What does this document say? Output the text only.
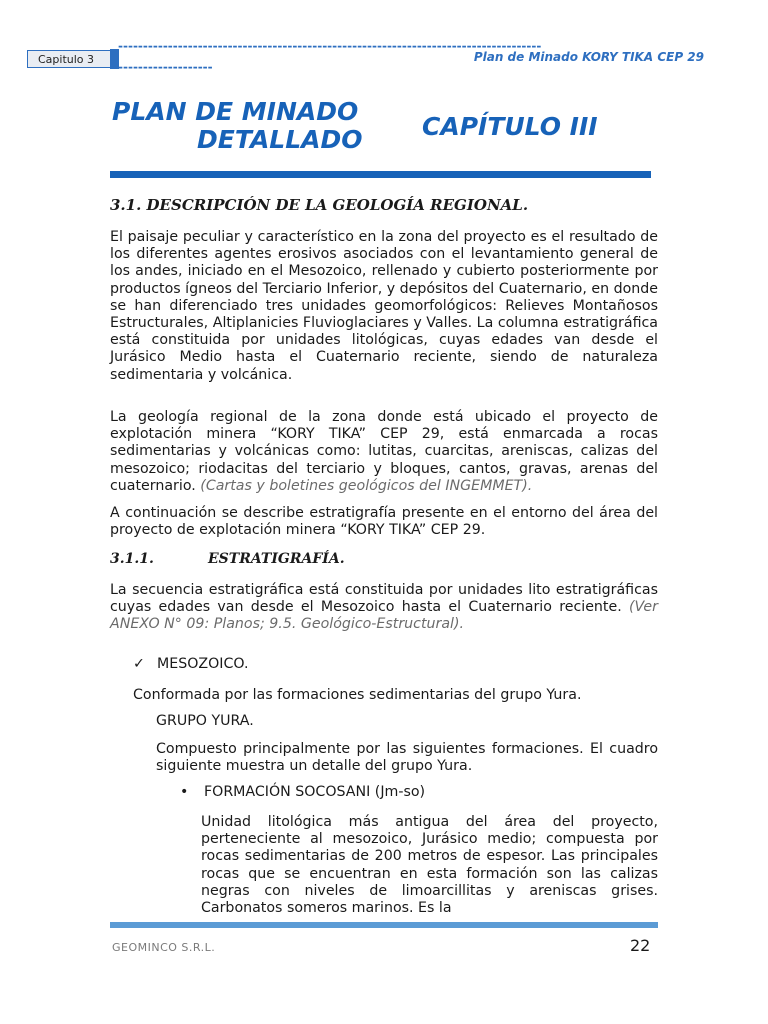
Capitulo 3
-------------------------------------------------------------------------------------
-------------------
Plan de Minado KORY TIKA CEP 29
PLAN DE MINADO
DETALLADO	CAPÍTULO III
3.1. DESCRIPCIÓN DE LA GEOLOGÍA REGIONAL.
El paisaje peculiar y característico en la zona del proyecto es el resultado de los diferentes agentes erosivos asociados con el levantamiento general de los andes, iniciado en el Mesozoico, rellenado y cubierto posteriormente por productos ígneos del Terciario Inferior, y depósitos del Cuaternario, en donde se han diferenciado tres unidades geomorfológicos: Relieves Montañosos Estructurales, Altiplanicies Fluvioglaciares y Valles. La columna estratigráfica está constituida por unidades litológicas, cuyas edades van desde el Jurásico Medio hasta el Cuaternario reciente, siendo de naturaleza sedimentaria y volcánica.
La geología regional de la zona donde está ubicado el proyecto de explotación minera “KORY TIKA” CEP 29, está enmarcada a rocas sedimentarias y volcánicas como: lutitas, cuarcitas, areniscas, calizas del mesozoico; riodacitas del terciario y bloques, cantos, gravas, arenas del cuaternario. (Cartas y boletines geológicos del INGEMMET).
A continuación se describe estratigrafía presente en el entorno del área del proyecto de explotación minera “KORY TIKA” CEP 29.
3.1.1.	ESTRATIGRAFÍA.
La secuencia estratigráfica está constituida por unidades lito estratigráficas cuyas edades van desde el Mesozoico hasta el Cuaternario reciente. (Ver ANEXO N° 09: Planos; 9.5. Geológico-Estructural).
✓ MESOZOICO.
Conformada por las formaciones sedimentarias del grupo Yura.
GRUPO YURA.
Compuesto principalmente por las siguientes formaciones. El cuadro siguiente muestra un detalle del grupo Yura.
• FORMACIÓN SOCOSANI (Jm-so)
Unidad litológica más antigua del área del proyecto, perteneciente al mesozoico, Jurásico medio; compuesta por rocas sedimentarias de 200 metros de espesor. Las principales rocas que se encuentran en esta formación son las calizas negras con niveles de limoarcillitas y areniscas grises. Carbonatos someros marinos. Es la
GEOMINCO S.R.L.	22
